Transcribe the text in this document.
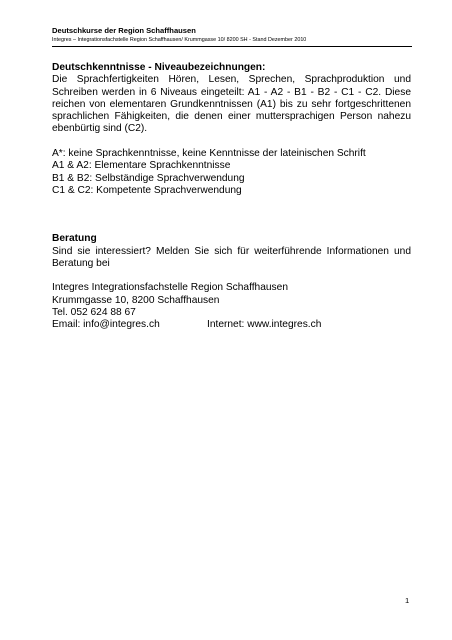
Deutschkurse der Region Schaffhausen
Integres – Integrationsfachstelle Region Schaffhausen/ Krummgasse 10/ 8200 SH - Stand Dezember 2010
Deutschkenntnisse - Niveaubezeichnungen:
Die Sprachfertigkeiten Hören, Lesen, Sprechen, Sprachproduktion und Schreiben werden in 6 Niveaus eingeteilt: A1 - A2 - B1 - B2 - C1 - C2. Diese reichen von elementaren Grundkenntnissen (A1) bis zu sehr fortgeschrittenen sprachlichen Fähigkeiten, die denen einer muttersprachigen Person nahezu ebenbürtig sind (C2).
A*: keine Sprachkenntnisse, keine Kenntnisse der lateinischen Schrift
A1 & A2: Elementare Sprachkenntnisse
B1 & B2: Selbständige Sprachverwendung
C1 & C2: Kompetente Sprachverwendung
Beratung
Sind sie interessiert? Melden Sie sich für weiterführende Informationen und Beratung bei
Integres Integrationsfachstelle Region Schaffhausen
Krummgasse 10, 8200 Schaffhausen
Tel. 052 624 88 67
Email: info@integres.ch	Internet: www.integres.ch
1
